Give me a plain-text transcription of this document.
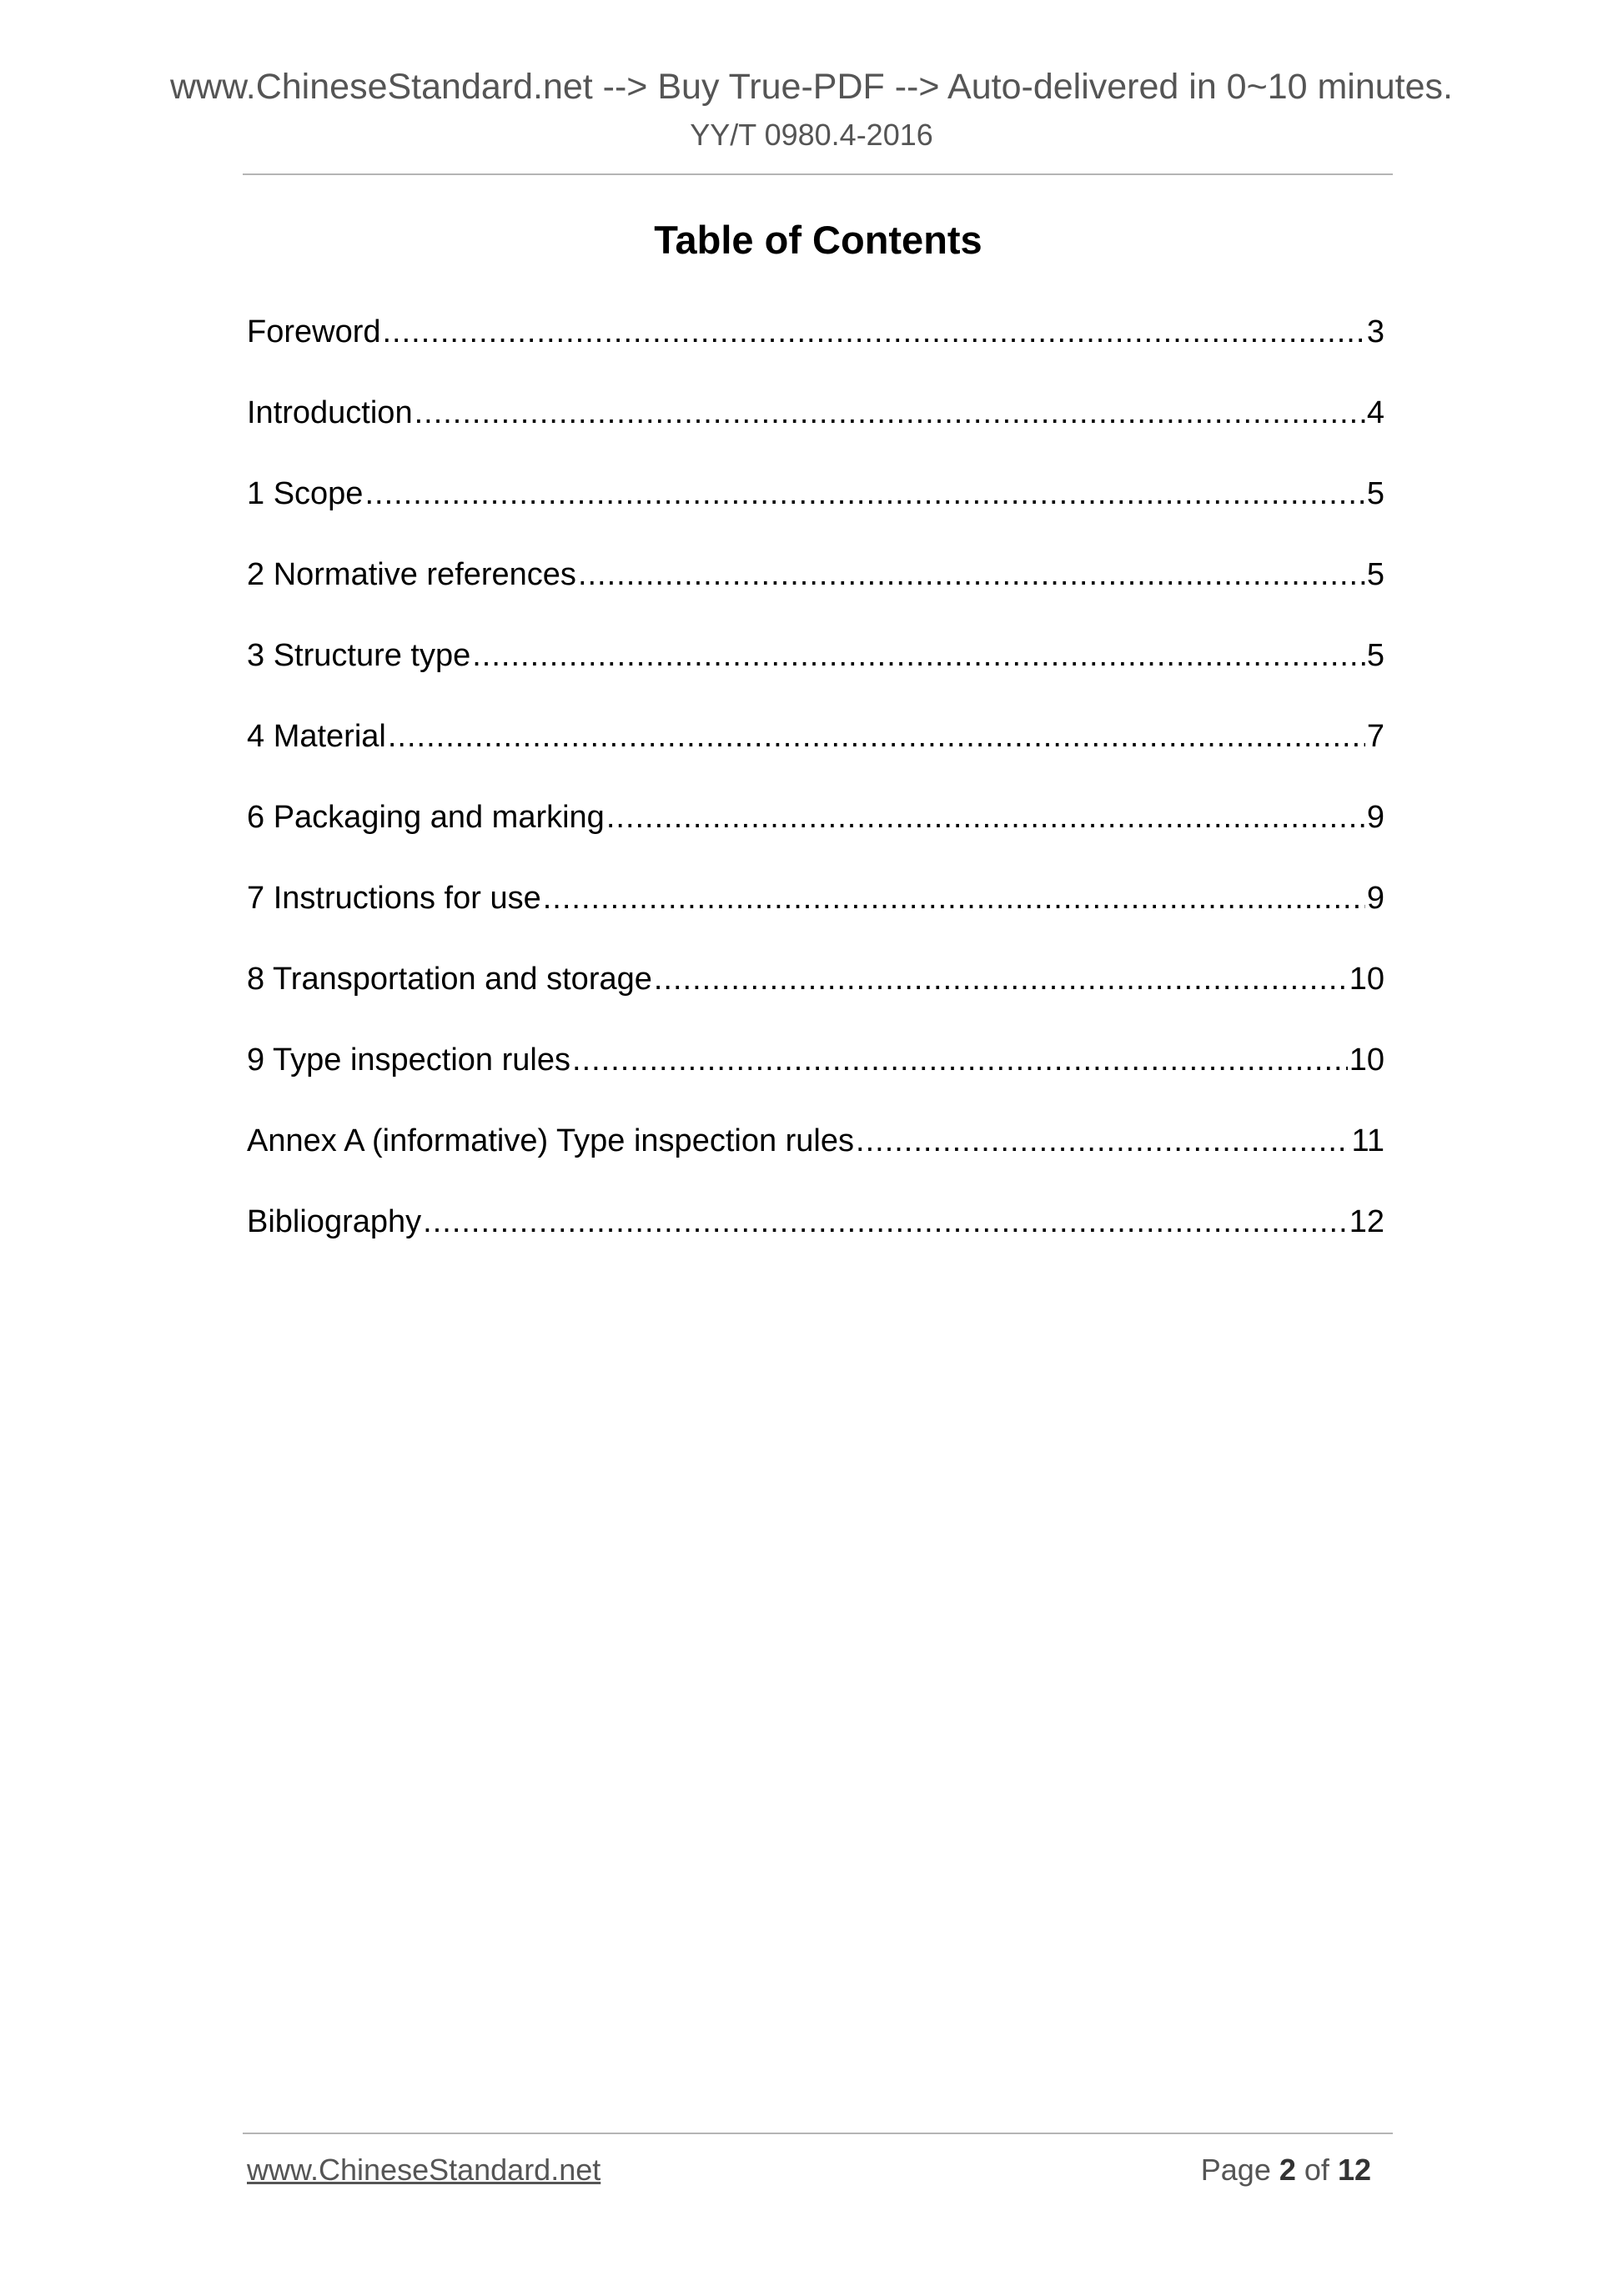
www.ChineseStandard.net --> Buy True-PDF --> Auto-delivered in 0~10 minutes.
YY/T 0980.4-2016
Table of Contents
Foreword .....	3
Introduction .....	4
1 Scope .....	5
2 Normative references .....	5
3 Structure type .....	5
4 Material .....	7
6 Packaging and marking .....	9
7 Instructions for use .....	9
8 Transportation and storage .....	10
9 Type inspection rules .....	10
Annex A (informative) Type inspection rules .....	11
Bibliography .....	12
www.ChineseStandard.net	Page 2 of 12
